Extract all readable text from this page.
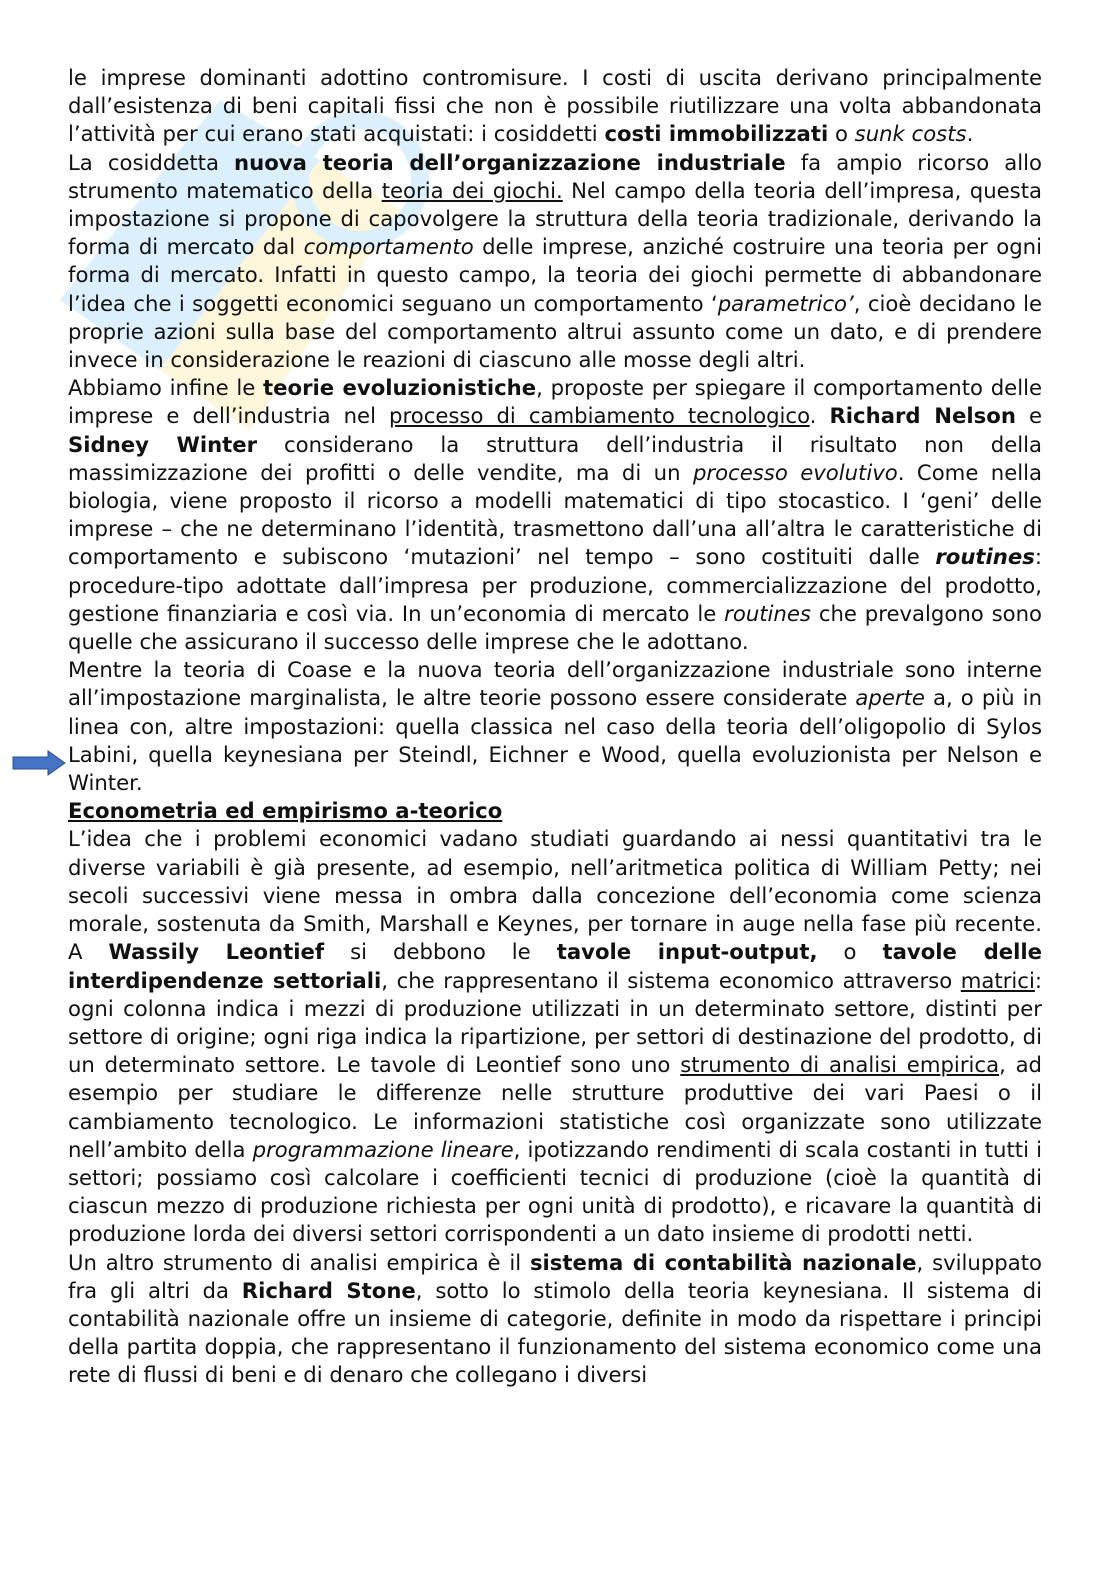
le imprese dominanti adottino contromisure. I costi di uscita derivano principalmente dall’esistenza di beni capitali fissi che non è possibile riutilizzare una volta abbandonata l’attività per cui erano stati acquistati: i cosiddetti costi immobilizzati o sunk costs.

La cosiddetta nuova teoria dell’organizzazione industriale fa ampio ricorso allo strumento matematico della teoria dei giochi. Nel campo della teoria dell’impresa, questa impostazione si propone di capovolgere la struttura della teoria tradizionale, derivando la forma di mercato dal comportamento delle imprese, anziché costruire una teoria per ogni forma di mercato. Infatti in questo campo, la teoria dei giochi permette di abbandonare l’idea che i soggetti economici seguano un comportamento ‘parametrico’, cioè decidano le proprie azioni sulla base del comportamento altrui assunto come un dato, e di prendere invece in considerazione le reazioni di ciascuno alle mosse degli altri.

Abbiamo infine le teorie evoluzionistiche, proposte per spiegare il comportamento delle imprese e dell’industria nel processo di cambiamento tecnologico. Richard Nelson e Sidney Winter considerano la struttura dell’industria il risultato non della massimizzazione dei profitti o delle vendite, ma di un processo evolutivo. Come nella biologia, viene proposto il ricorso a modelli matematici di tipo stocastico. I ‘geni’ delle imprese – che ne determinano l’identità, trasmettono dall’una all’altra le caratteristiche di comportamento e subiscono ‘mutazioni’ nel tempo – sono costituiti dalle routines: procedure-tipo adottate dall’impresa per produzione, commercializzazione del prodotto, gestione finanziaria e così via. In un’economia di mercato le routines che prevalgono sono quelle che assicurano il successo delle imprese che le adottano.

Mentre la teoria di Coase e la nuova teoria dell’organizzazione industriale sono interne all’impostazione marginalista, le altre teorie possono essere considerate aperte a, o più in linea con, altre impostazioni: quella classica nel caso della teoria dell’oligopolio di Sylos Labini, quella keynesiana per Steindl, Eichner e Wood, quella evoluzionista per Nelson e Winter.

Econometria ed empirismo a-teorico

L’idea che i problemi economici vadano studiati guardando ai nessi quantitativi tra le diverse variabili è già presente, ad esempio, nell’aritmetica politica di William Petty; nei secoli successivi viene messa in ombra dalla concezione dell’economia come scienza morale, sostenuta da Smith, Marshall e Keynes, per tornare in auge nella fase più recente. A Wassily Leontief si debbono le tavole input-output, o tavole delle interdipendenze settoriali, che rappresentano il sistema economico attraverso matrici: ogni colonna indica i mezzi di produzione utilizzati in un determinato settore, distinti per settore di origine; ogni riga indica la ripartizione, per settori di destinazione del prodotto, di un determinato settore. Le tavole di Leontief sono uno strumento di analisi empirica, ad esempio per studiare le differenze nelle strutture produttive dei vari Paesi o il cambiamento tecnologico. Le informazioni statistiche così organizzate sono utilizzate nell’ambito della programmazione lineare, ipotizzando rendimenti di scala costanti in tutti i settori; possiamo così calcolare i coefficienti tecnici di produzione (cioè la quantità di ciascun mezzo di produzione richiesta per ogni unità di prodotto), e ricavare la quantità di produzione lorda dei diversi settori corrispondenti a un dato insieme di prodotti netti.

Un altro strumento di analisi empirica è il sistema di contabilità nazionale, sviluppato fra gli altri da Richard Stone, sotto lo stimolo della teoria keynesiana. Il sistema di contabilità nazionale offre un insieme di categorie, definite in modo da rispettare i principi della partita doppia, che rappresentano il funzionamento del sistema economico come una rete di flussi di beni e di denaro che collegano i diversi
